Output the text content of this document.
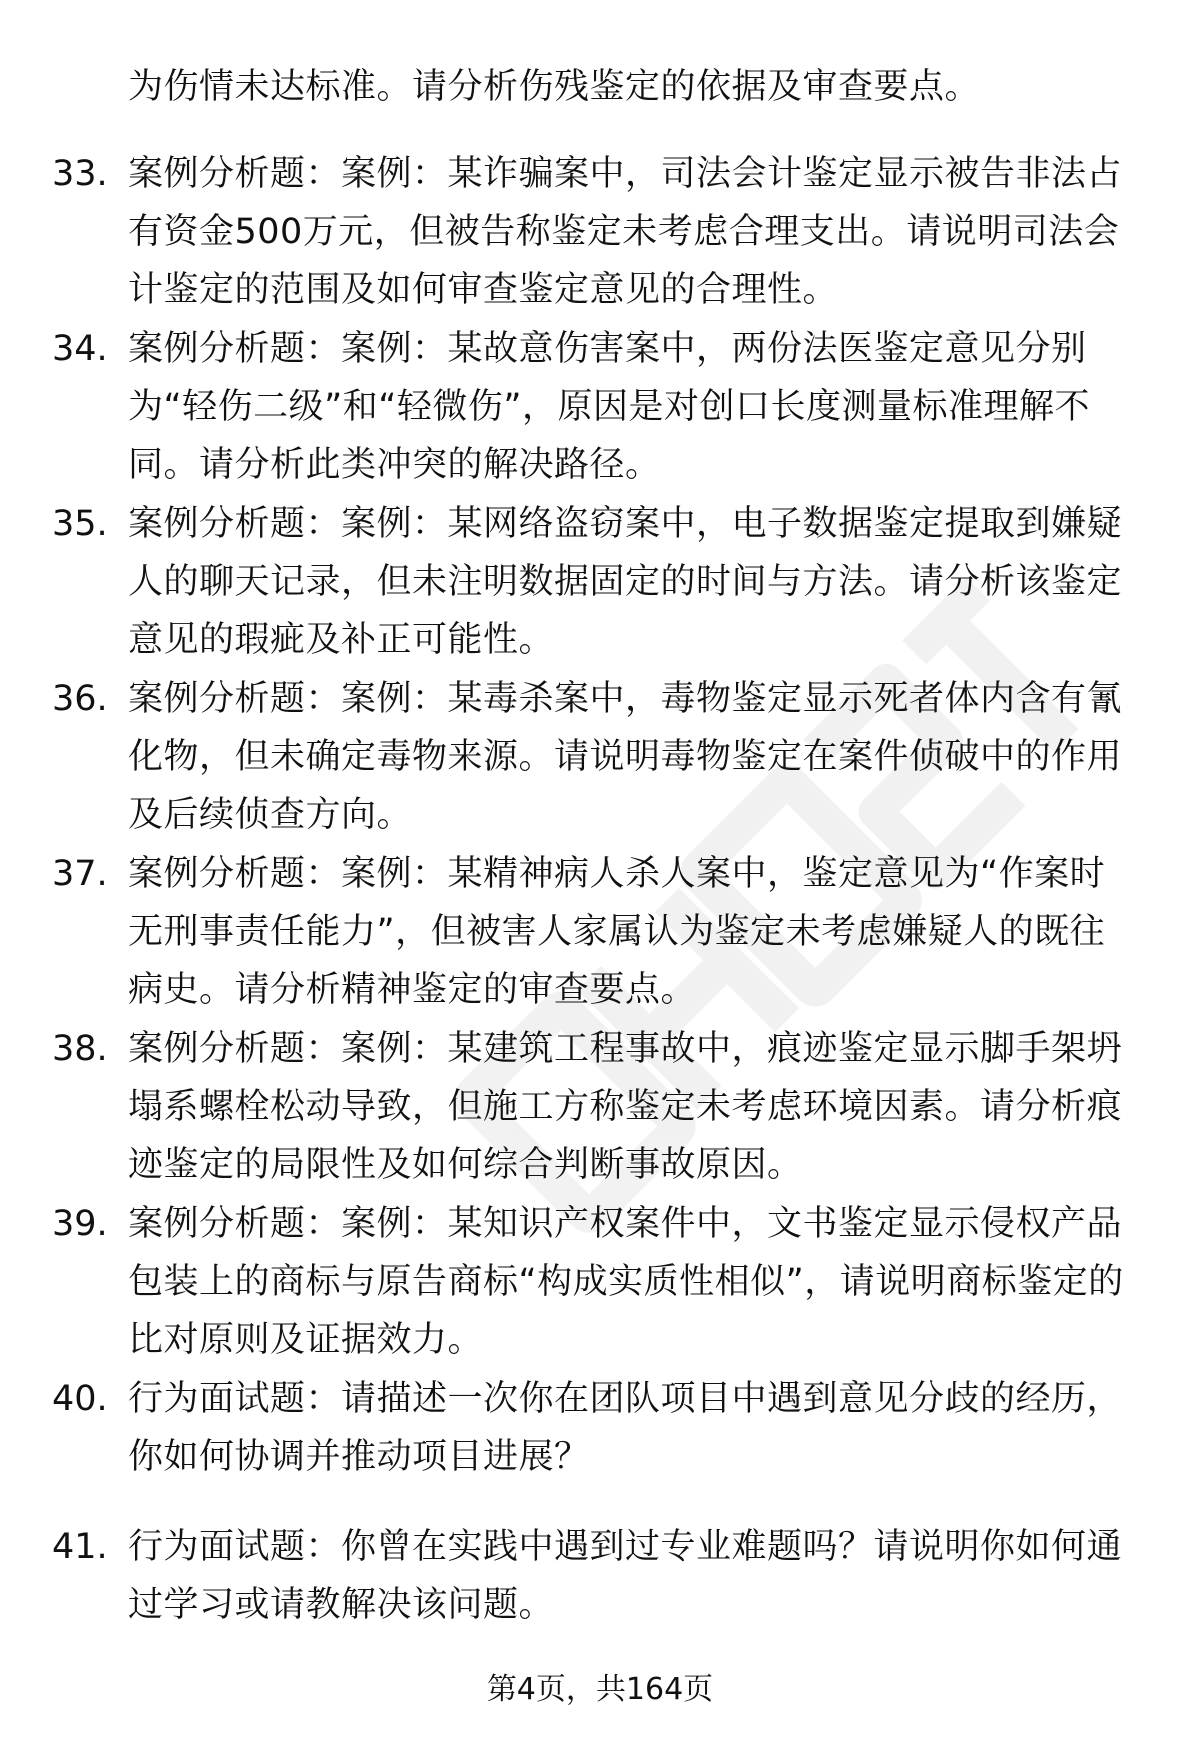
为伤情未达标准。请分析伤残鉴定的依据及审查要点。

33. 案例分析题：案例：某诈骗案中，司法会计鉴定显示被告非法占有资金500万元，但被告称鉴定未考虑合理支出。请说明司法会计鉴定的范围及如何审查鉴定意见的合理性。

34. 案例分析题：案例：某故意伤害案中，两份法医鉴定意见分别为“轻伤二级”和“轻微伤”，原因是对创口长度测量标准理解不同。请分析此类冲突的解决路径。

35. 案例分析题：案例：某网络盗窃案中，电子数据鉴定提取到嫌疑人的聊天记录，但未注明数据固定的时间与方法。请分析该鉴定意见的瑕疵及补正可能性。

36. 案例分析题：案例：某毒杀案中，毒物鉴定显示死者体内含有氰化物，但未确定毒物来源。请说明毒物鉴定在案件侦破中的作用及后续侦查方向。

37. 案例分析题：案例：某精神病人杀人案中，鉴定意见为“作案时无刑事责任能力”，但被害人家属认为鉴定未考虑嫌疑人的既往病史。请分析精神鉴定的审查要点。

38. 案例分析题：案例：某建筑工程事故中，痕迹鉴定显示脚手架坍塌系螺栓松动导致，但施工方称鉴定未考虑环境因素。请分析痕迹鉴定的局限性及如何综合判断事故原因。

39. 案例分析题：案例：某知识产权案件中，文书鉴定显示侵权产品包装上的商标与原告商标“构成实质性相似”，请说明商标鉴定的比对原则及证据效力。

40. 行为面试题：请描述一次你在团队项目中遇到意见分歧的经历，你如何协调并推动项目进展？

41. 行为面试题：你曾在实践中遇到过专业难题吗？请说明你如何通过学习或请教解决该问题。

第4页，共164页
